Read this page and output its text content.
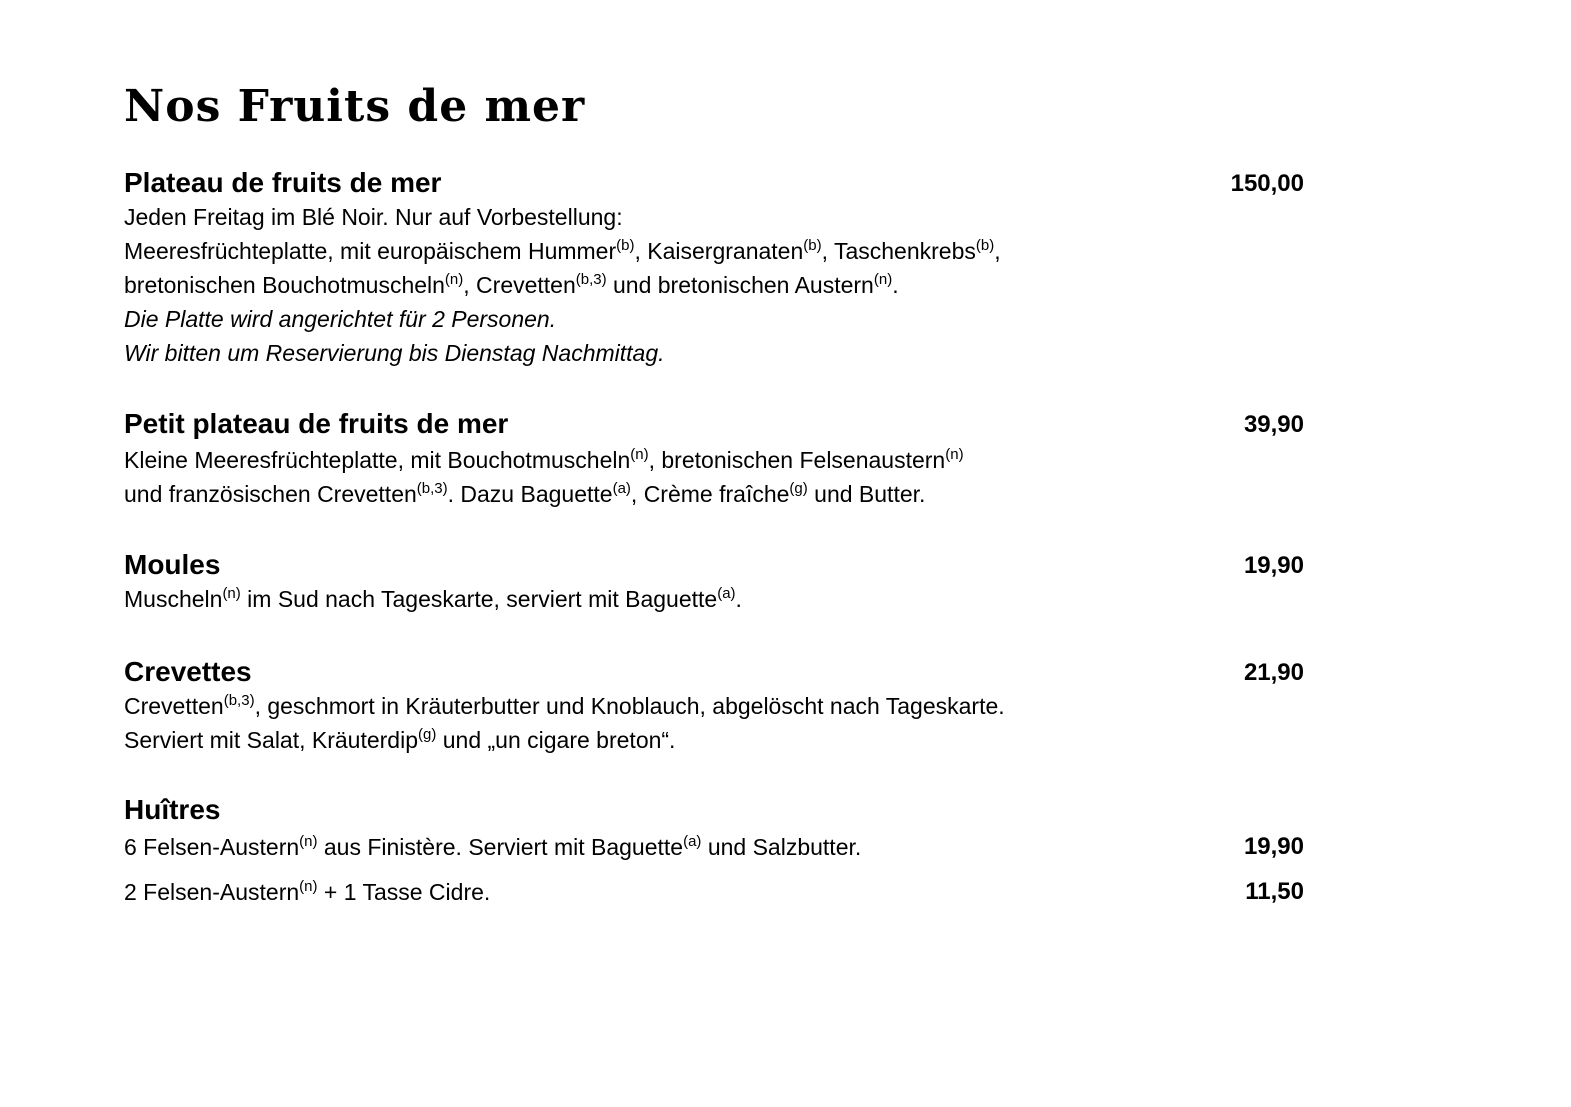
Nos Fruits de mer
Plateau de fruits de mer	150,00
Jeden Freitag im Blé Noir. Nur auf Vorbestellung:
Meeresfrüchteplatte, mit europäischem Hummer$^{(b)}$, Kaisergranaten$^{(b)}$, Taschenkrebs$^{(b)}$,
bretonischen Bouchotmuscheln$^{(n)}$, Crevetten$^{(b,3)}$ und bretonischen Austern$^{(n)}$.
Die Platte wird angerichtet für 2 Personen.
Wir bitten um Reservierung bis Dienstag Nachmittag.
Petit plateau de fruits de mer	39,90
Kleine Meeresfrüchteplatte, mit Bouchotmuscheln$^{(n)}$, bretonischen Felsenaustern$^{(n)}$
und französischen Crevetten$^{(b,3)}$. Dazu Baguette$^{(a)}$, Crème fraîche$^{(g)}$ und Butter.
Moules	19,90
Muscheln$^{(n)}$ im Sud nach Tageskarte, serviert mit Baguette$^{(a)}$.
Crevettes	21,90
Crevetten$^{(b,3)}$, geschmort in Kräuterbutter und Knoblauch, abgelöscht nach Tageskarte.
Serviert mit Salat, Kräuterdip$^{(g)}$ und „un cigare breton“.
Huîtres
6 Felsen-Austern$^{(n)}$ aus Finistère. Serviert mit Baguette$^{(a)}$ und Salzbutter.	19,90
2 Felsen-Austern$^{(n)}$ + 1 Tasse Cidre.	11,50
